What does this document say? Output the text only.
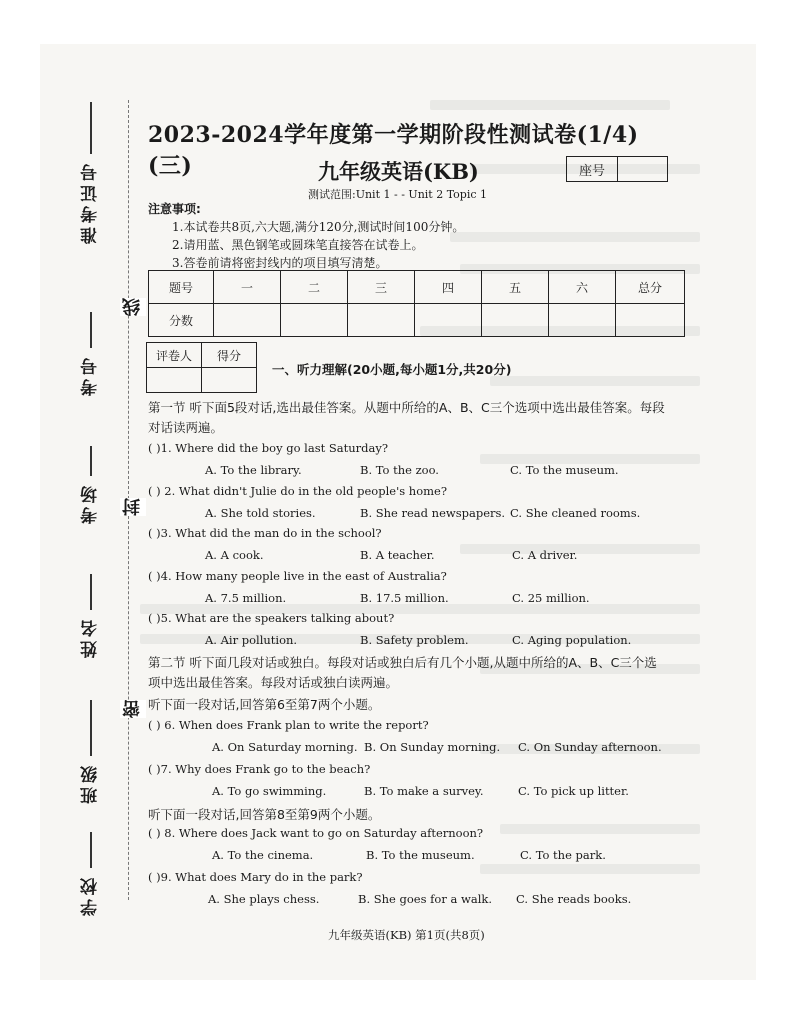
准考证号
考号
考场
姓名
班级
学校
线
封
密
2023-2024学年度第一学期阶段性测试卷(1/4)(三)	九年级英语(KB)	座号
测试范围:Unit 1 - - Unit 2 Topic 1
注意事项:
1.本试卷共8页,六大题,满分120分,测试时间100分钟。
2.请用蓝、黑色钢笔或圆珠笔直接答在试卷上。
3.答卷前请将密封线内的项目填写清楚。
题号	一	二	三	四	五	六	总分
分数							
评卷人	得分

一、听力理解(20小题,每小题1分,共20分)
第一节 听下面5段对话,选出最佳答案。从题中所给的A、B、C三个选项中选出最佳答案。每段对话读两遍。
( )1. Where did the boy go last Saturday?
A. To the library.	B. To the zoo.	C. To the museum.
( ) 2. What didn't Julie do in the old people's home?
A. She told stories.	B. She read newspapers. C. She cleaned rooms.
( )3. What did the man do in the school?
A. A cook.	B. A teacher.	C. A driver.
( )4. How many people live in the east of Australia?
A. 7.5 million.	B. 17.5 million.	C. 25 million.
( )5. What are the speakers talking about?
A. Air pollution.	B. Safety problem.	C. Aging population.
第二节 听下面几段对话或独白。每段对话或独白后有几个小题,从题中所给的A、B、C三个选项中选出最佳答案。每段对话或独白读两遍。
听下面一段对话,回答第6至第7两个小题。
( ) 6. When does Frank plan to write the report?
A. On Saturday morning. B. On Sunday morning. C. On Sunday afternoon.
( )7. Why does Frank go to the beach?
A. To go swimming.	B. To make a survey.	C. To pick up litter.
听下面一段对话,回答第8至第9两个小题。
( ) 8. Where does Jack want to go on Saturday afternoon?
A. To the cinema.	B. To the museum.	C. To the park.
( )9. What does Mary do in the park?
A. She plays chess.	B. She goes for a walk. C. She reads books.
九年级英语(KB) 第1页(共8页)
